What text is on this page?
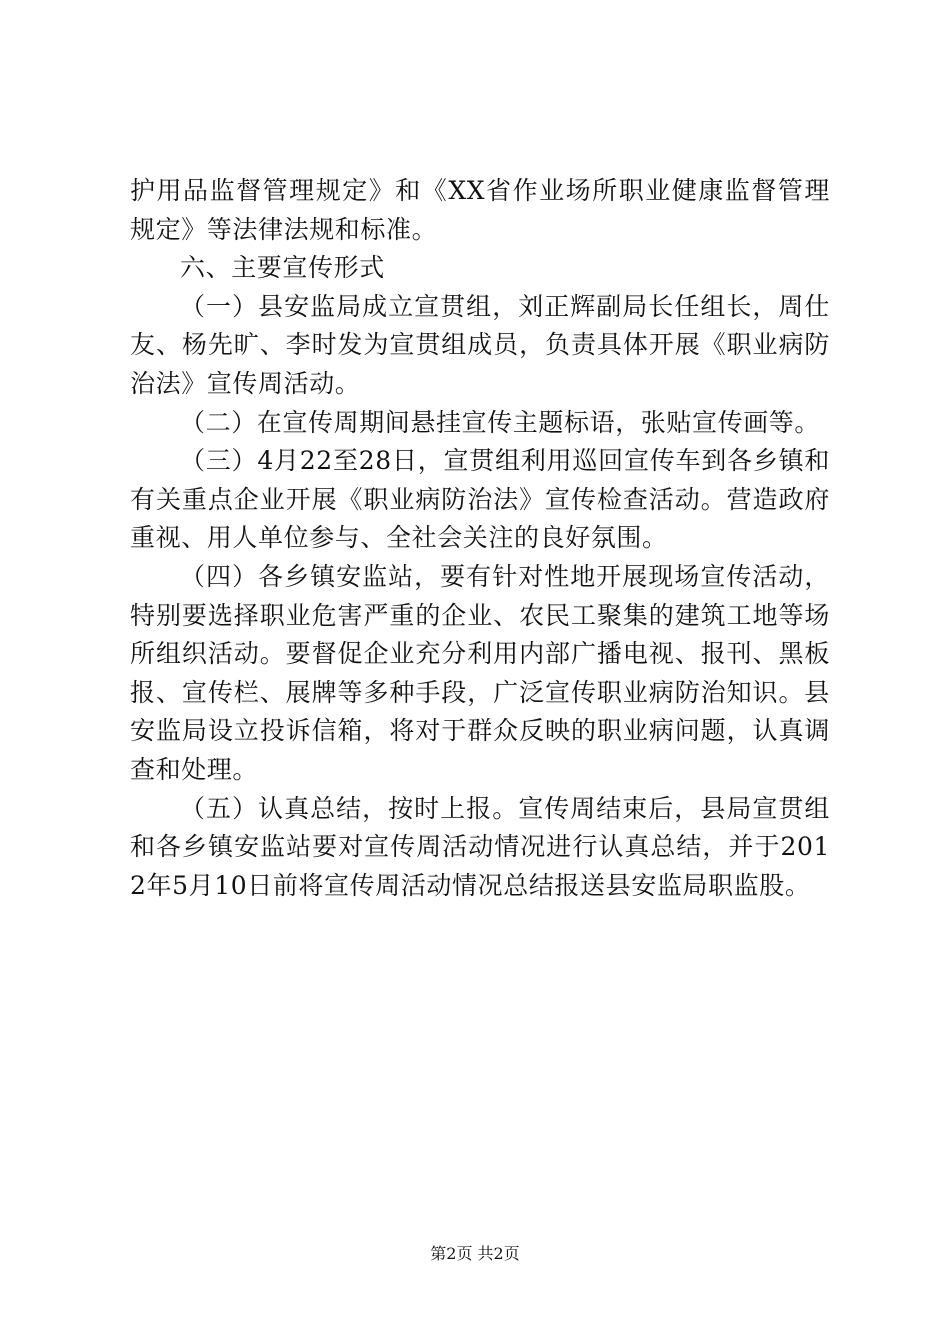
护用品监督管理规定》和《XX省作业场所职业健康监督管理规定》等法律法规和标准。

六、主要宣传形式

（一）县安监局成立宣贯组，刘正辉副局长任组长，周仕友、杨先旷、李时发为宣贯组成员，负责具体开展《职业病防治法》宣传周活动。

（二）在宣传周期间悬挂宣传主题标语，张贴宣传画等。

（三）4月22至28日，宣贯组利用巡回宣传车到各乡镇和有关重点企业开展《职业病防治法》宣传检查活动。营造政府重视、用人单位参与、全社会关注的良好氛围。

（四）各乡镇安监站，要有针对性地开展现场宣传活动，特别要选择职业危害严重的企业、农民工聚集的建筑工地等场所组织活动。要督促企业充分利用内部广播电视、报刊、黑板报、宣传栏、展牌等多种手段，广泛宣传职业病防治知识。县安监局设立投诉信箱，将对于群众反映的职业病问题，认真调查和处理。

（五）认真总结，按时上报。宣传周结束后，县局宣贯组和各乡镇安监站要对宣传周活动情况进行认真总结，并于2012年5月10日前将宣传周活动情况总结报送县安监局职监股。

第2页 共2页
